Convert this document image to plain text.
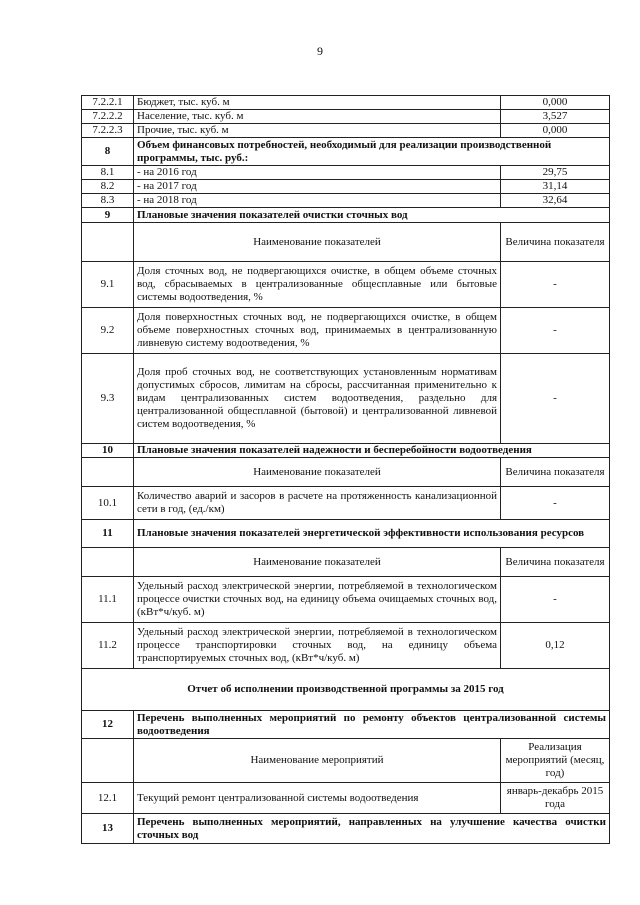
9
7.2.2.1	Бюджет, тыс. куб. м	0,000
7.2.2.2	Население, тыс. куб. м	3,527
7.2.2.3	Прочие, тыс. куб. м	0,000
8	Объем финансовых потребностей, необходимый для реализации производственной программы, тыс. руб.:	
8.1	- на 2016 год	29,75
8.2	- на 2017 год	31,14
8.3	- на 2018 год	32,64
9	Плановые значения показателей очистки сточных вод	
	Наименование показателей	Величина показателя
9.1	Доля сточных вод, не подвергающихся очистке, в общем объеме сточных вод, сбрасываемых в централизованные общесплавные или бытовые системы водоотведения, %	-
9.2	Доля поверхностных сточных вод, не подвергающихся очистке, в общем объеме поверхностных сточных вод, принимаемых в централизованную ливневую систему водоотведения, %	-
9.3	Доля проб сточных вод, не соответствующих установленным нормативам допустимых сбросов, лимитам на сбросы, рассчитанная применительно к видам централизованных систем водоотведения, раздельно для централизованной общесплавной (бытовой) и централизованной ливневой систем водоотведения, %	-
10	Плановые значения показателей надежности и бесперебойности водоотведения	
	Наименование показателей	Величина показателя
10.1	Количество аварий и засоров в расчете на протяженность канализационной сети в год, (ед./км)	-
11	Плановые значения показателей энергетической эффективности использования ресурсов	
	Наименование показателей	Величина показателя
11.1	Удельный расход электрической энергии, потребляемой в технологическом процессе очистки сточных вод, на единицу объема очищаемых сточных вод, (кВт*ч/куб. м)	-
11.2	Удельный расход электрической энергии, потребляемой в технологическом процессе транспортировки сточных вод, на единицу объема транспортируемых сточных вод, (кВт*ч/куб. м)	0,12
Отчет об исполнении производственной программы за 2015 год		
12	Перечень выполненных мероприятий по ремонту объектов централизованной системы водоотведения	
	Наименование мероприятий	Реализация мероприятий (месяц, год)
12.1	Текущий ремонт централизованной системы водоотведения	январь-декабрь 2015 года
13	Перечень выполненных мероприятий, направленных на улучшение качества очистки сточных вод	
